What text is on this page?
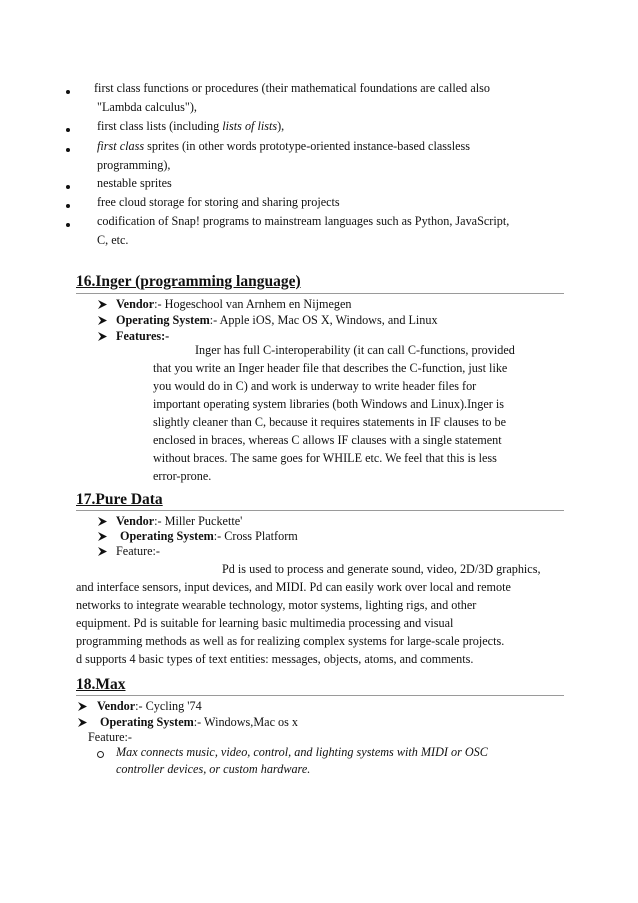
first class functions or procedures (their mathematical foundations are called also
"Lambda calculus"),
first class lists (including lists of lists),
first class sprites (in other words prototype-oriented instance-based classless
programming),
nestable sprites
free cloud storage for storing and sharing projects
codification of Snap! programs to mainstream languages such as Python, JavaScript,
C, etc.
16.Inger (programming language)
Vendor:- Hogeschool van Arnhem en Nijmegen
Operating System:- Apple iOS, Mac OS X, Windows, and Linux
Features:-
Inger has full C-interoperability (it can call C-functions, provided
that you write an Inger header file that describes the C-function, just like
you would do in C) and work is underway to write header files for
important operating system libraries (both Windows and Linux).Inger is
slightly cleaner than C, because it requires statements in IF clauses to be
enclosed in braces, whereas C allows IF clauses with a single statement
without braces. The same goes for WHILE etc. We feel that this is less
error-prone.
17.Pure Data
Vendor:- Miller Puckette'
Operating System:- Cross Platform
Feature:-
Pd is used to process and generate sound, video, 2D/3D graphics,
and interface sensors, input devices, and MIDI. Pd can easily work over local and remote
networks to integrate wearable technology, motor systems, lighting rigs, and other
equipment. Pd is suitable for learning basic multimedia processing and visual
programming methods as well as for realizing complex systems for large-scale projects.
d supports 4 basic types of text entities: messages, objects, atoms, and comments.
18.Max
Vendor:- Cycling '74
Operating System:- Windows,Mac os x
Feature:-
Max connects music, video, control, and lighting systems with MIDI or OSC
controller devices, or custom hardware.
